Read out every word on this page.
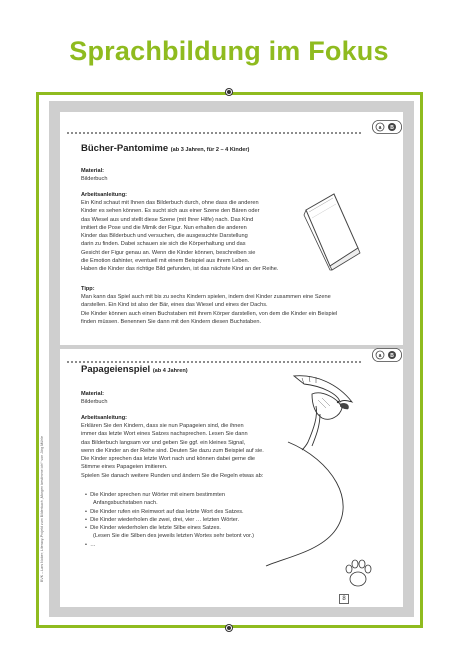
Sprachbildung im Fokus
a B
a B
Bücher-Pantomime (ab 3 Jahren, für 2 – 4 Kinder)
Material:
Bilderbuch
Arbeitsanleitung:
Ein Kind schaut mit Ihnen das Bilderbuch durch, ohne dass die anderen
Kinder es sehen können. Es sucht sich aus einer Szene den Bären oder
das Wiesel aus und stellt diese Szene (mit Ihrer Hilfe) nach. Das Kind
imitiert die Pose und die Mimik der Figur. Nun erhalten die anderen
Kinder das Bilderbuch und versuchen, die ausgesuchte Darstellung
darin zu finden. Dabei schauen sie sich die Körperhaltung und das
Gesicht der Figur genau an. Wenn die Kinder können, beschreiben sie
die Emotion dahinter, eventuell mit einem Beispiel aus ihrem Leben.
Haben die Kinder das richtige Bild gefunden, ist das nächste Kind an der Reihe.
Tipp:
Man kann das Spiel auch mit bis zu sechs Kindern spielen, indem drei Kinder zusammen eine Szene
darstellen. Ein Kind ist also der Bär, eines das Wiesel und eines der Dachs.
Die Kinder können auch einen Buchstaben mit ihrem Körper darstellen, von dem die Kinder ein Beispiel
finden müssen. Benennen Sie dann mit den Kindern diesen Buchstaben.
Papageienspiel (ab 4 Jahren)
Material:
Bilderbuch
Arbeitsanleitung:
Erklären Sie den Kindern, dass sie nun Papageien sind, die ihnen
immer das letzte Wort eines Satzes nachsprechen. Lesen Sie dann
das Bilderbuch langsam vor und geben Sie ggf. ein kleines Signal,
wenn die Kinder an der Reihe sind. Deuten Sie dazu zum Beispiel auf sie.
Die Kinder sprechen das letzte Wort nach und können dabei gerne die
Stimme eines Papageien imitieren.
Spielen Sie danach weitere Runden und ändern Sie die Regeln etwas ab:
•  Die Kinder sprechen nur Wörter mit einem bestimmten
Anfangsbuchstaben nach.
•  Die Kinder rufen ein Reimwort auf das letzte Wort des Satzes.
•  Die Kinder wiederholen die zwei, drei, vier … letzten Wörter.
•  Die Kinder wiederholen die letzte Silbe eines Satzes.
(Lesen Sie die Silben des jeweils letzten Wortes sehr betont vor.)
•  …
BVK – Lars Nober; Literacy-Projekt zum Bilderbuch „Morgen bestimme ich!“ von Jörg Mühle
8
